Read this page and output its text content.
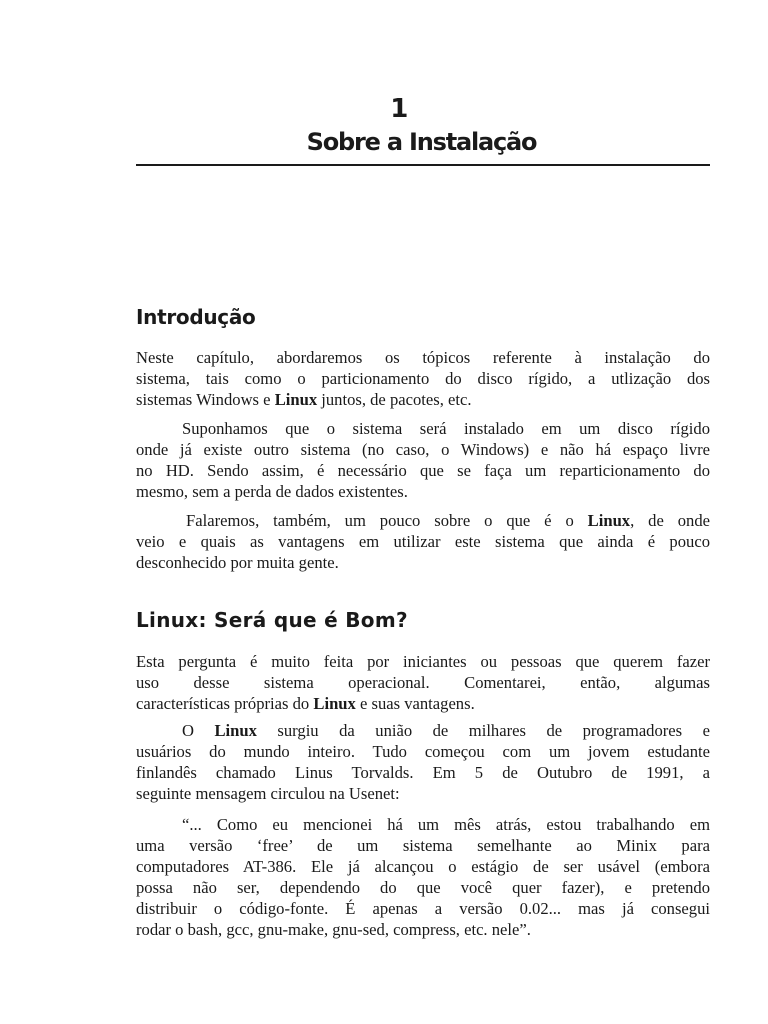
1
Sobre a Instalação
Introdução
Neste capítulo, abordaremos os tópicos referente à instalação do
sistema, tais como o particionamento do disco rígido, a utlização dos
sistemas Windows e Linux juntos, de pacotes, etc.
Suponhamos que o sistema será instalado em um disco rígido
onde já existe outro sistema (no caso, o Windows) e não há espaço livre
no HD. Sendo assim, é necessário que se faça um reparticionamento do
mesmo, sem a perda de dados existentes.
Falaremos, também, um pouco sobre o que é o Linux, de onde
veio e quais as vantagens em utilizar este sistema que ainda é pouco
desconhecido por muita gente.
Linux: Será que é Bom?
Esta pergunta é muito feita por iniciantes ou pessoas que querem fazer
uso desse sistema operacional. Comentarei, então, algumas
características próprias do Linux e suas vantagens.
O Linux surgiu da união de milhares de programadores e
usuários do mundo inteiro. Tudo começou com um jovem estudante
finlandês chamado Linus Torvalds. Em 5 de Outubro de 1991, a
seguinte mensagem circulou na Usenet:
“... Como eu mencionei há um mês atrás, estou trabalhando em
uma versão ‘free’ de um sistema semelhante ao Minix para
computadores AT-386. Ele já alcançou o estágio de ser usável (embora
possa não ser, dependendo do que você quer fazer), e pretendo
distribuir o código-fonte. É apenas a versão 0.02... mas já consegui
rodar o bash, gcc, gnu-make, gnu-sed, compress, etc. nele”.
